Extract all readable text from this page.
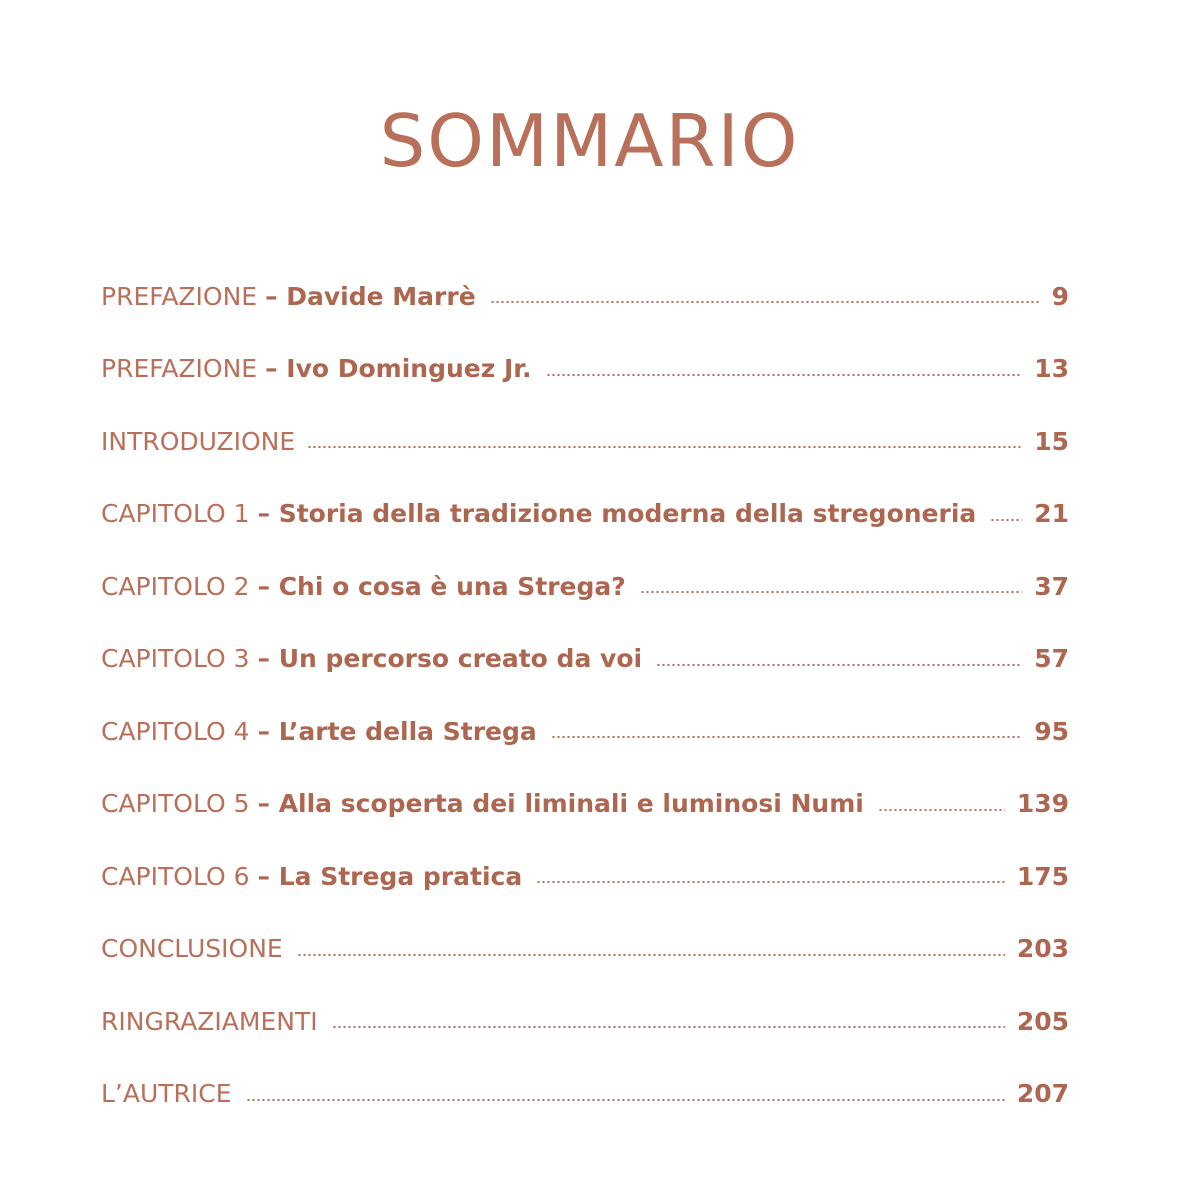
SOMMARIO
PREFAZIONE – Davide Marrè	9
PREFAZIONE – Ivo Dominguez Jr.	13
INTRODUZIONE	15
CAPITOLO 1 – Storia della tradizione moderna della stregoneria 21
CAPITOLO 2 – Chi o cosa è una Strega?	37
CAPITOLO 3 – Un percorso creato da voi	57
CAPITOLO 4 – L’arte della Strega	95
CAPITOLO 5 – Alla scoperta dei liminali e luminosi Numi	139
CAPITOLO 6 – La Strega pratica	175
CONCLUSIONE	203
RINGRAZIAMENTI	205
L’AUTRICE	207
